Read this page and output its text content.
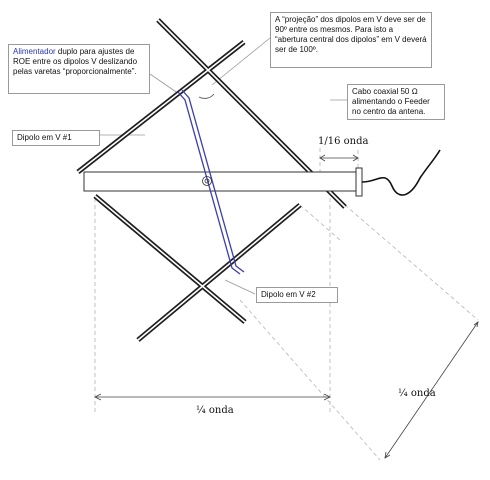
Alimentador duplo para ajustes de ROE entre os dipolos V deslizando pelas varetas “proporcionalmente”.
A “projeção” dos dipolos em V deve ser de 90º entre os mesmos. Para isto a “abertura central dos dipolos” em V deverá ser de 100º.
Cabo coaxial 50 Ω alimentando o Feeder no centro da antena.
Dipolo em V #1
Dipolo em V #2
1/16 onda
¼ onda
¼ onda
